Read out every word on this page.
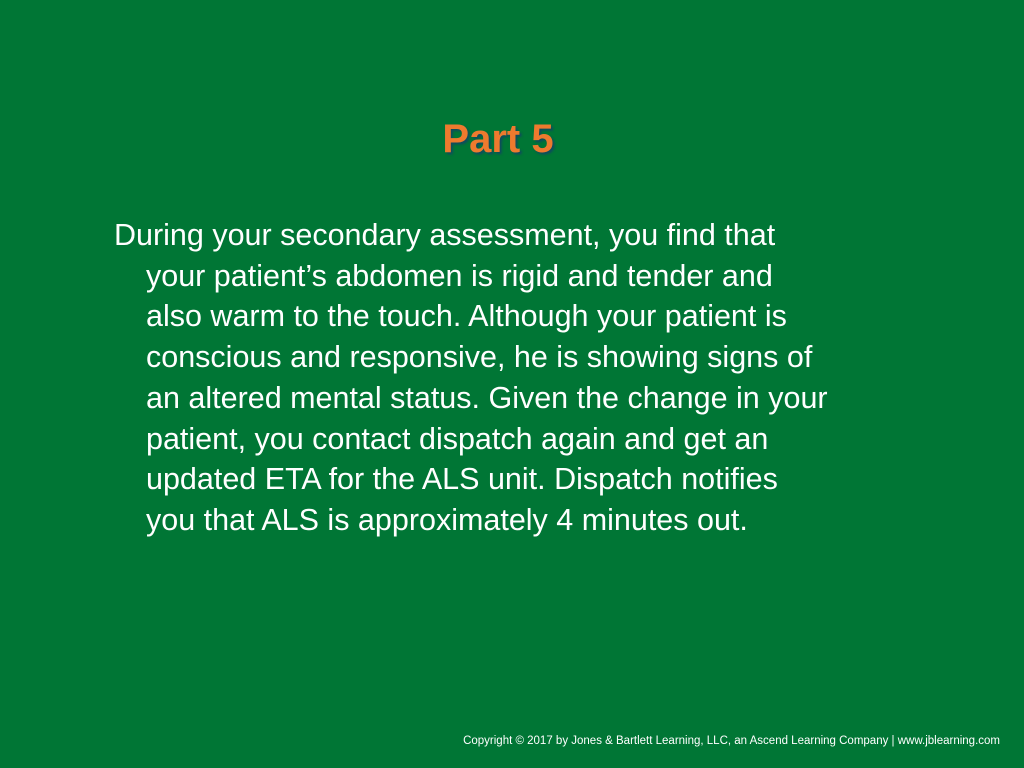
Part 5
During your secondary assessment, you find that
your patient’s abdomen is rigid and tender and
also warm to the touch. Although your patient is
conscious and responsive, he is showing signs of
an altered mental status. Given the change in your
patient, you contact dispatch again and get an
updated ETA for the ALS unit. Dispatch notifies
you that ALS is approximately 4 minutes out.
Copyright © 2017 by Jones & Bartlett Learning, LLC, an Ascend Learning Company | www.jblearning.com
